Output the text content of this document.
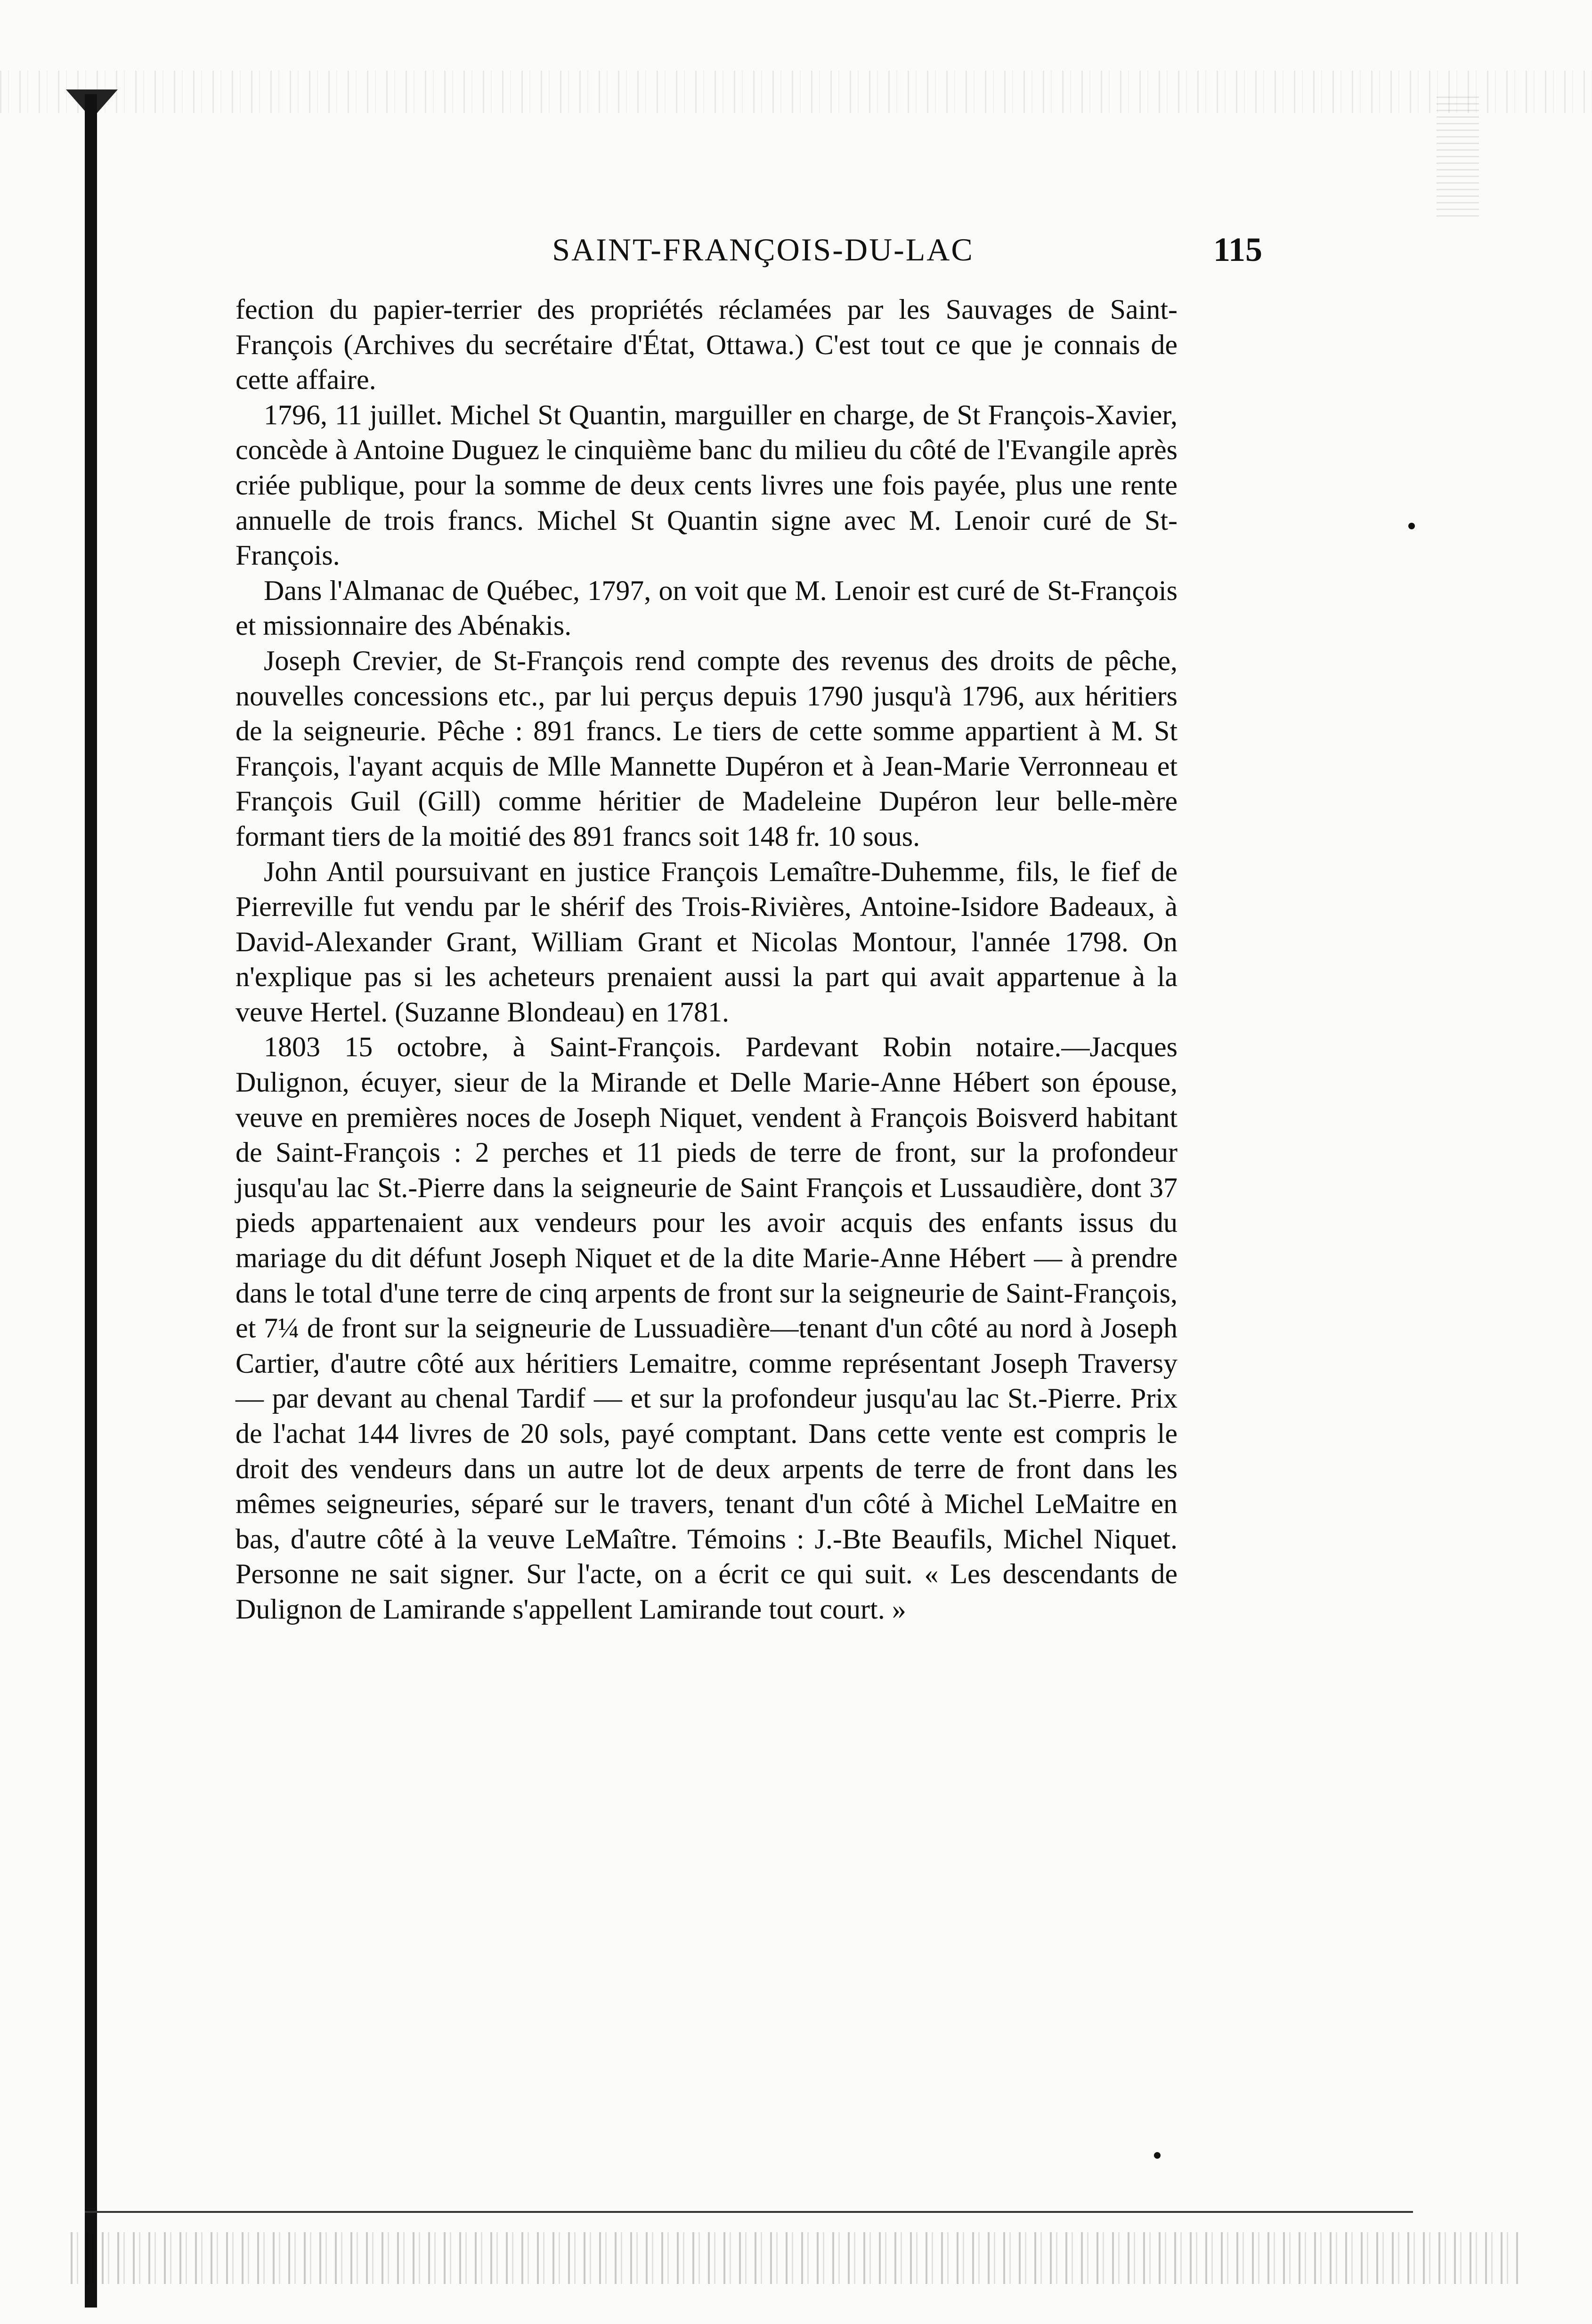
SAINT-FRANÇOIS-DU-LAC	115

fection du papier-terrier des propriétés réclamées par les Sauvages de Saint-François (Archives du secrétaire d'État, Ottawa.) C'est tout ce que je connais de cette affaire.

1796, 11 juillet. Michel St Quantin, marguiller en charge, de St François-Xavier, concède à Antoine Duguez le cinquième banc du milieu du côté de l'Evangile après criée publique, pour la somme de deux cents livres une fois payée, plus une rente annuelle de trois francs. Michel St Quantin signe avec M. Lenoir curé de St-François.

Dans l'Almanac de Québec, 1797, on voit que M. Lenoir est curé de St-François et missionnaire des Abénakis.

Joseph Crevier, de St-François rend compte des revenus des droits de pêche, nouvelles concessions etc., par lui perçus depuis 1790 jusqu'à 1796, aux héritiers de la seigneurie. Pêche : 891 francs. Le tiers de cette somme appartient à M. St François, l'ayant acquis de Mlle Mannette Dupéron et à Jean-Marie Verronneau et François Guil (Gill) comme héritier de Madeleine Dupéron leur belle-mère formant tiers de la moitié des 891 francs soit 148 fr. 10 sous.

John Antil poursuivant en justice François Lemaître-Duhemme, fils, le fief de Pierreville fut vendu par le shérif des Trois-Rivières, Antoine-Isidore Badeaux, à David-Alexander Grant, William Grant et Nicolas Montour, l'année 1798. On n'explique pas si les acheteurs prenaient aussi la part qui avait appartenue à la veuve Hertel. (Suzanne Blondeau) en 1781.

1803 15 octobre, à Saint-François. Pardevant Robin notaire.—Jacques Dulignon, écuyer, sieur de la Mirande et Delle Marie-Anne Hébert son épouse, veuve en premières noces de Joseph Niquet, vendent à François Boisverd habitant de Saint-François : 2 perches et 11 pieds de terre de front, sur la profondeur jusqu'au lac St.-Pierre dans la seigneurie de Saint François et Lussaudière, dont 37 pieds appartenaient aux vendeurs pour les avoir acquis des enfants issus du mariage du dit défunt Joseph Niquet et de la dite Marie-Anne Hébert — à prendre dans le total d'une terre de cinq arpents de front sur la seigneurie de Saint-François, et 7¼ de front sur la seigneurie de Lussuadière—tenant d'un côté au nord à Joseph Cartier, d'autre côté aux héritiers Lemaitre, comme représentant Joseph Traversy — par devant au chenal Tardif — et sur la profondeur jusqu'au lac St.-Pierre. Prix de l'achat 144 livres de 20 sols, payé comptant. Dans cette vente est compris le droit des vendeurs dans un autre lot de deux arpents de terre de front dans les mêmes seigneuries, séparé sur le travers, tenant d'un côté à Michel LeMaitre en bas, d'autre côté à la veuve LeMaître. Témoins : J.-Bte Beaufils, Michel Niquet. Personne ne sait signer. Sur l'acte, on a écrit ce qui suit. « Les descendants de Dulignon de Lamirande s'appellent Lamirande tout court. »
